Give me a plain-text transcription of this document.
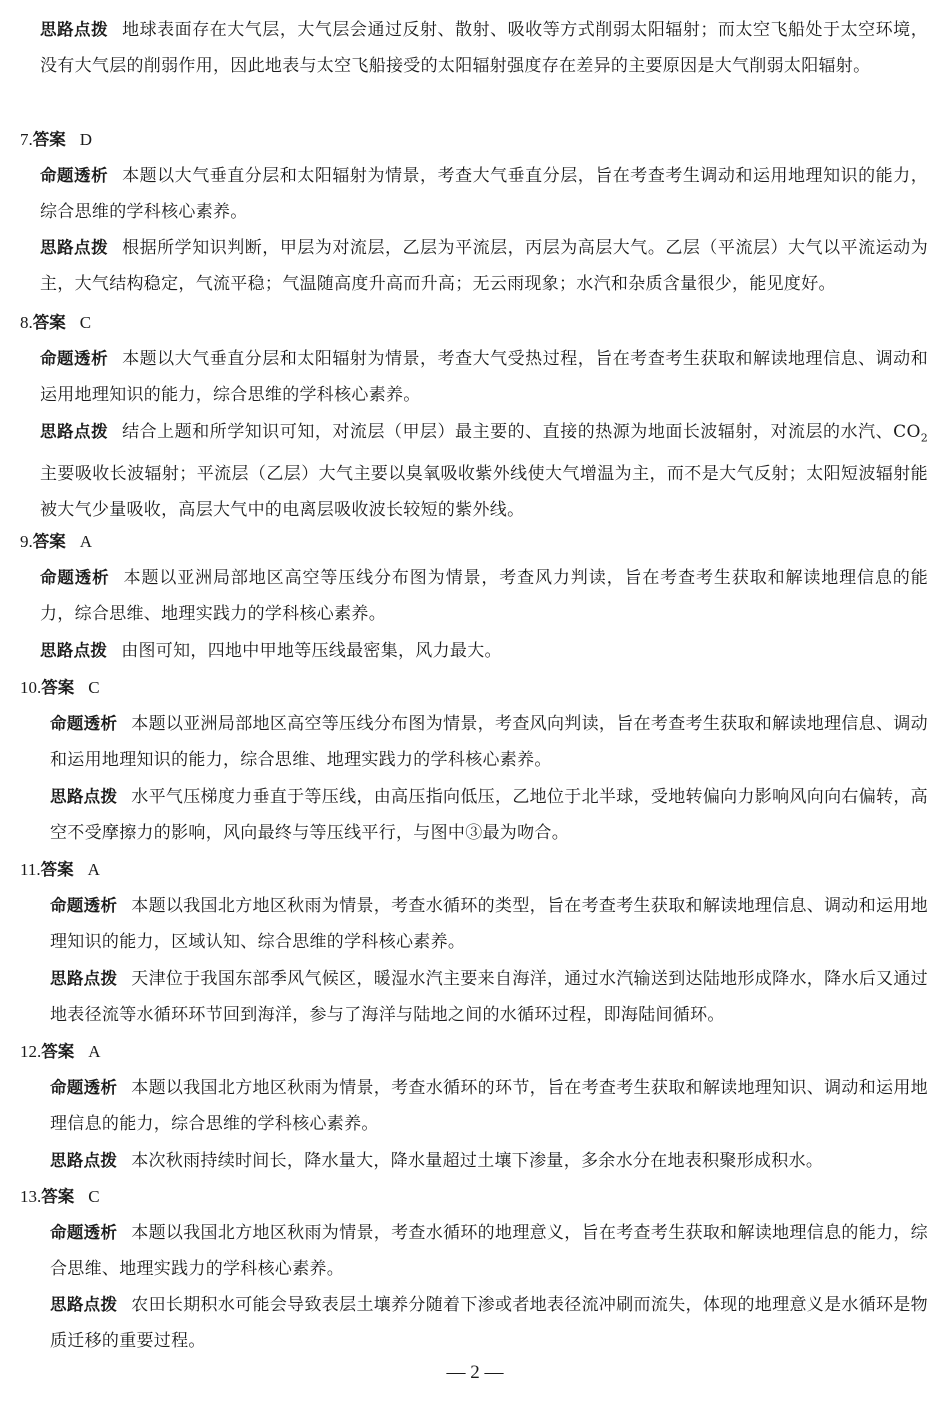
思路点拨 地球表面存在大气层，大气层会通过反射、散射、吸收等方式削弱太阳辐射；而太空飞船处于太空环境，没有大气层的削弱作用，因此地表与太空飞船接受的太阳辐射强度存在差异的主要原因是大气削弱太阳辐射。

7.答案 D

命题透析 本题以大气垂直分层和太阳辐射为情景，考查大气垂直分层，旨在考查考生调动和运用地理知识的能力，综合思维的学科核心素养。

思路点拨 根据所学知识判断，甲层为对流层，乙层为平流层，丙层为高层大气。乙层（平流层）大气以平流运动为主，大气结构稳定，气流平稳；气温随高度升高而升高；无云雨现象；水汽和杂质含量很少，能见度好。

8.答案 C

命题透析 本题以大气垂直分层和太阳辐射为情景，考查大气受热过程，旨在考查考生获取和解读地理信息、调动和运用地理知识的能力，综合思维的学科核心素养。

思路点拨 结合上题和所学知识可知，对流层（甲层）最主要的、直接的热源为地面长波辐射，对流层的水汽、$CO_2$ 主要吸收长波辐射；平流层（乙层）大气主要以臭氧吸收紫外线使大气增温为主，而不是大气反射；太阳短波辐射能被大气少量吸收，高层大气中的电离层吸收波长较短的紫外线。

9.答案 A

命题透析 本题以亚洲局部地区高空等压线分布图为情景，考查风力判读，旨在考查考生获取和解读地理信息的能力，综合思维、地理实践力的学科核心素养。

思路点拨 由图可知，四地中甲地等压线最密集，风力最大。

10.答案 C

命题透析 本题以亚洲局部地区高空等压线分布图为情景，考查风向判读，旨在考查考生获取和解读地理信息、调动和运用地理知识的能力，综合思维、地理实践力的学科核心素养。

思路点拨 水平气压梯度力垂直于等压线，由高压指向低压，乙地位于北半球，受地转偏向力影响风向向右偏转，高空不受摩擦力的影响，风向最终与等压线平行，与图中③最为吻合。

11.答案 A

命题透析 本题以我国北方地区秋雨为情景，考查水循环的类型，旨在考查考生获取和解读地理信息、调动和运用地理知识的能力，区域认知、综合思维的学科核心素养。

思路点拨 天津位于我国东部季风气候区，暖湿水汽主要来自海洋，通过水汽输送到达陆地形成降水，降水后又通过地表径流等水循环环节回到海洋，参与了海洋与陆地之间的水循环过程，即海陆间循环。

12.答案 A

命题透析 本题以我国北方地区秋雨为情景，考查水循环的环节，旨在考查考生获取和解读地理知识、调动和运用地理信息的能力，综合思维的学科核心素养。

思路点拨 本次秋雨持续时间长，降水量大，降水量超过土壤下渗量，多余水分在地表积聚形成积水。

13.答案 C

命题透析 本题以我国北方地区秋雨为情景，考查水循环的地理意义，旨在考查考生获取和解读地理信息的能力，综合思维、地理实践力的学科核心素养。

思路点拨 农田长期积水可能会导致表层土壤养分随着下渗或者地表径流冲刷而流失，体现的地理意义是水循环是物质迁移的重要过程。

— 2 —
